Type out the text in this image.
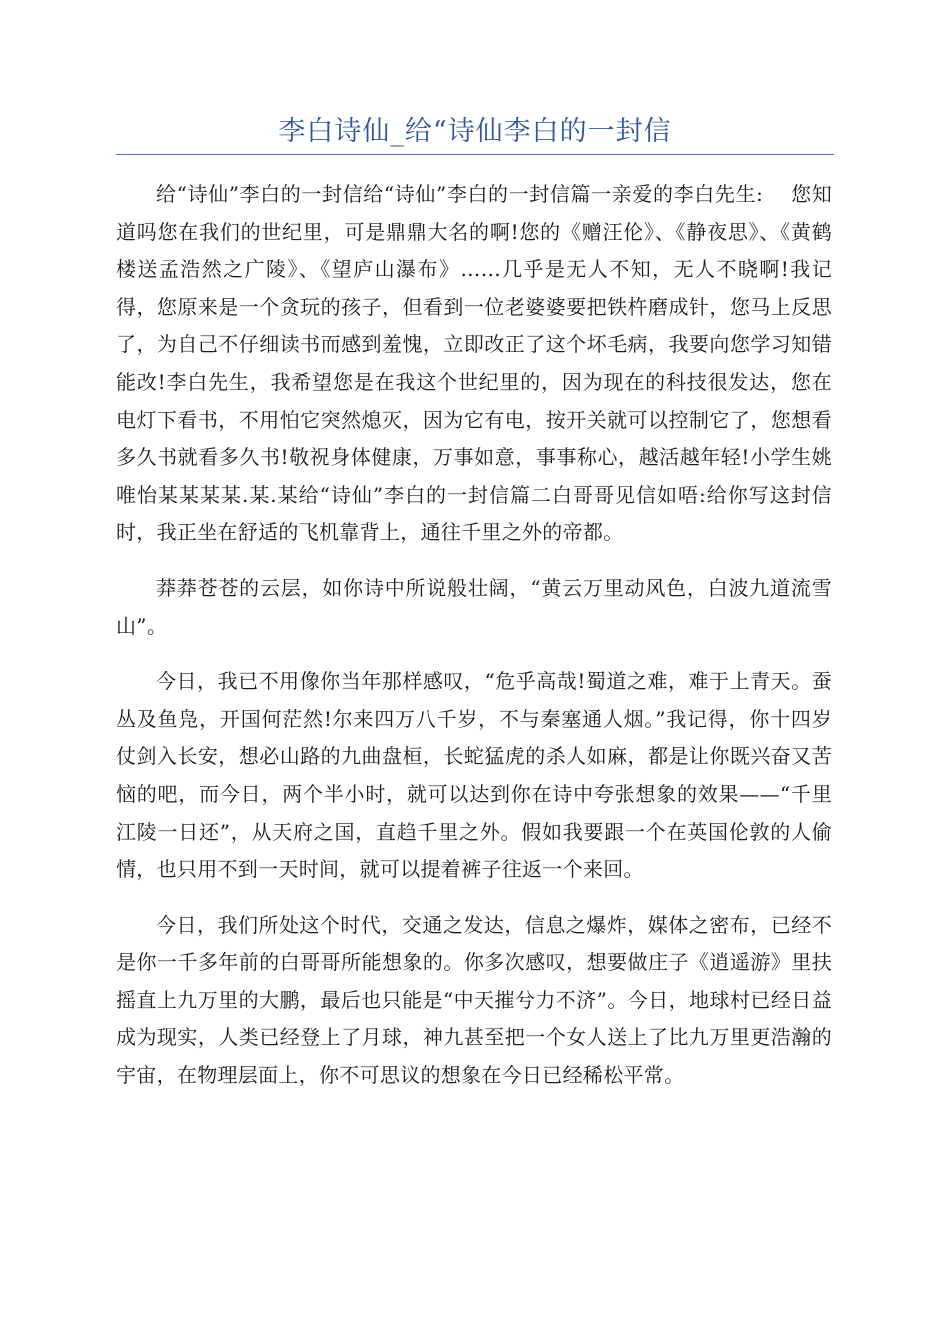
李白诗仙_给“诗仙李白的一封信

给“诗仙”李白的一封信给“诗仙”李白的一封信篇一亲爱的李白先生:　 您知道吗您在我们的世纪里，可是鼎鼎大名的啊!您的《赠汪伦》、《静夜思》、《黄鹤楼送孟浩然之广陵》、《望庐山瀑布》……几乎是无人不知，无人不晓啊!我记得，您原来是一个贪玩的孩子，但看到一位老婆婆要把铁杵磨成针，您马上反思了，为自己不仔细读书而感到羞愧，立即改正了这个坏毛病，我要向您学习知错能改!李白先生，我希望您是在我这个世纪里的，因为现在的科技很发达，您在电灯下看书，不用怕它突然熄灭，因为它有电，按开关就可以控制它了，您想看多久书就看多久书!敬祝身体健康，万事如意，事事称心，越活越年轻!小学生姚唯怡某某某某.某.某给“诗仙”李白的一封信篇二白哥哥见信如唔:给你写这封信时，我正坐在舒适的飞机靠背上，通往千里之外的帝都。

莽莽苍苍的云层，如你诗中所说般壮阔，“黄云万里动风色，白波九道流雪山”。

今日，我已不用像你当年那样感叹，“危乎高哉!蜀道之难，难于上青天。蚕丛及鱼凫，开国何茫然!尔来四万八千岁，不与秦塞通人烟。”我记得，你十四岁仗剑入长安，想必山路的九曲盘桓，长蛇猛虎的杀人如麻，都是让你既兴奋又苦恼的吧，而今日，两个半小时，就可以达到你在诗中夸张想象的效果——“千里江陵一日还”，从天府之国，直趋千里之外。假如我要跟一个在英国伦敦的人偷情，也只用不到一天时间，就可以提着裤子往返一个来回。

今日，我们所处这个时代，交通之发达，信息之爆炸，媒体之密布，已经不是你一千多年前的白哥哥所能想象的。你多次感叹，想要做庄子《逍遥游》里扶摇直上九万里的大鹏，最后也只能是“中天摧兮力不济”。今日，地球村已经日益成为现实，人类已经登上了月球，神九甚至把一个女人送上了比九万里更浩瀚的宇宙，在物理层面上，你不可思议的想象在今日已经稀松平常。
